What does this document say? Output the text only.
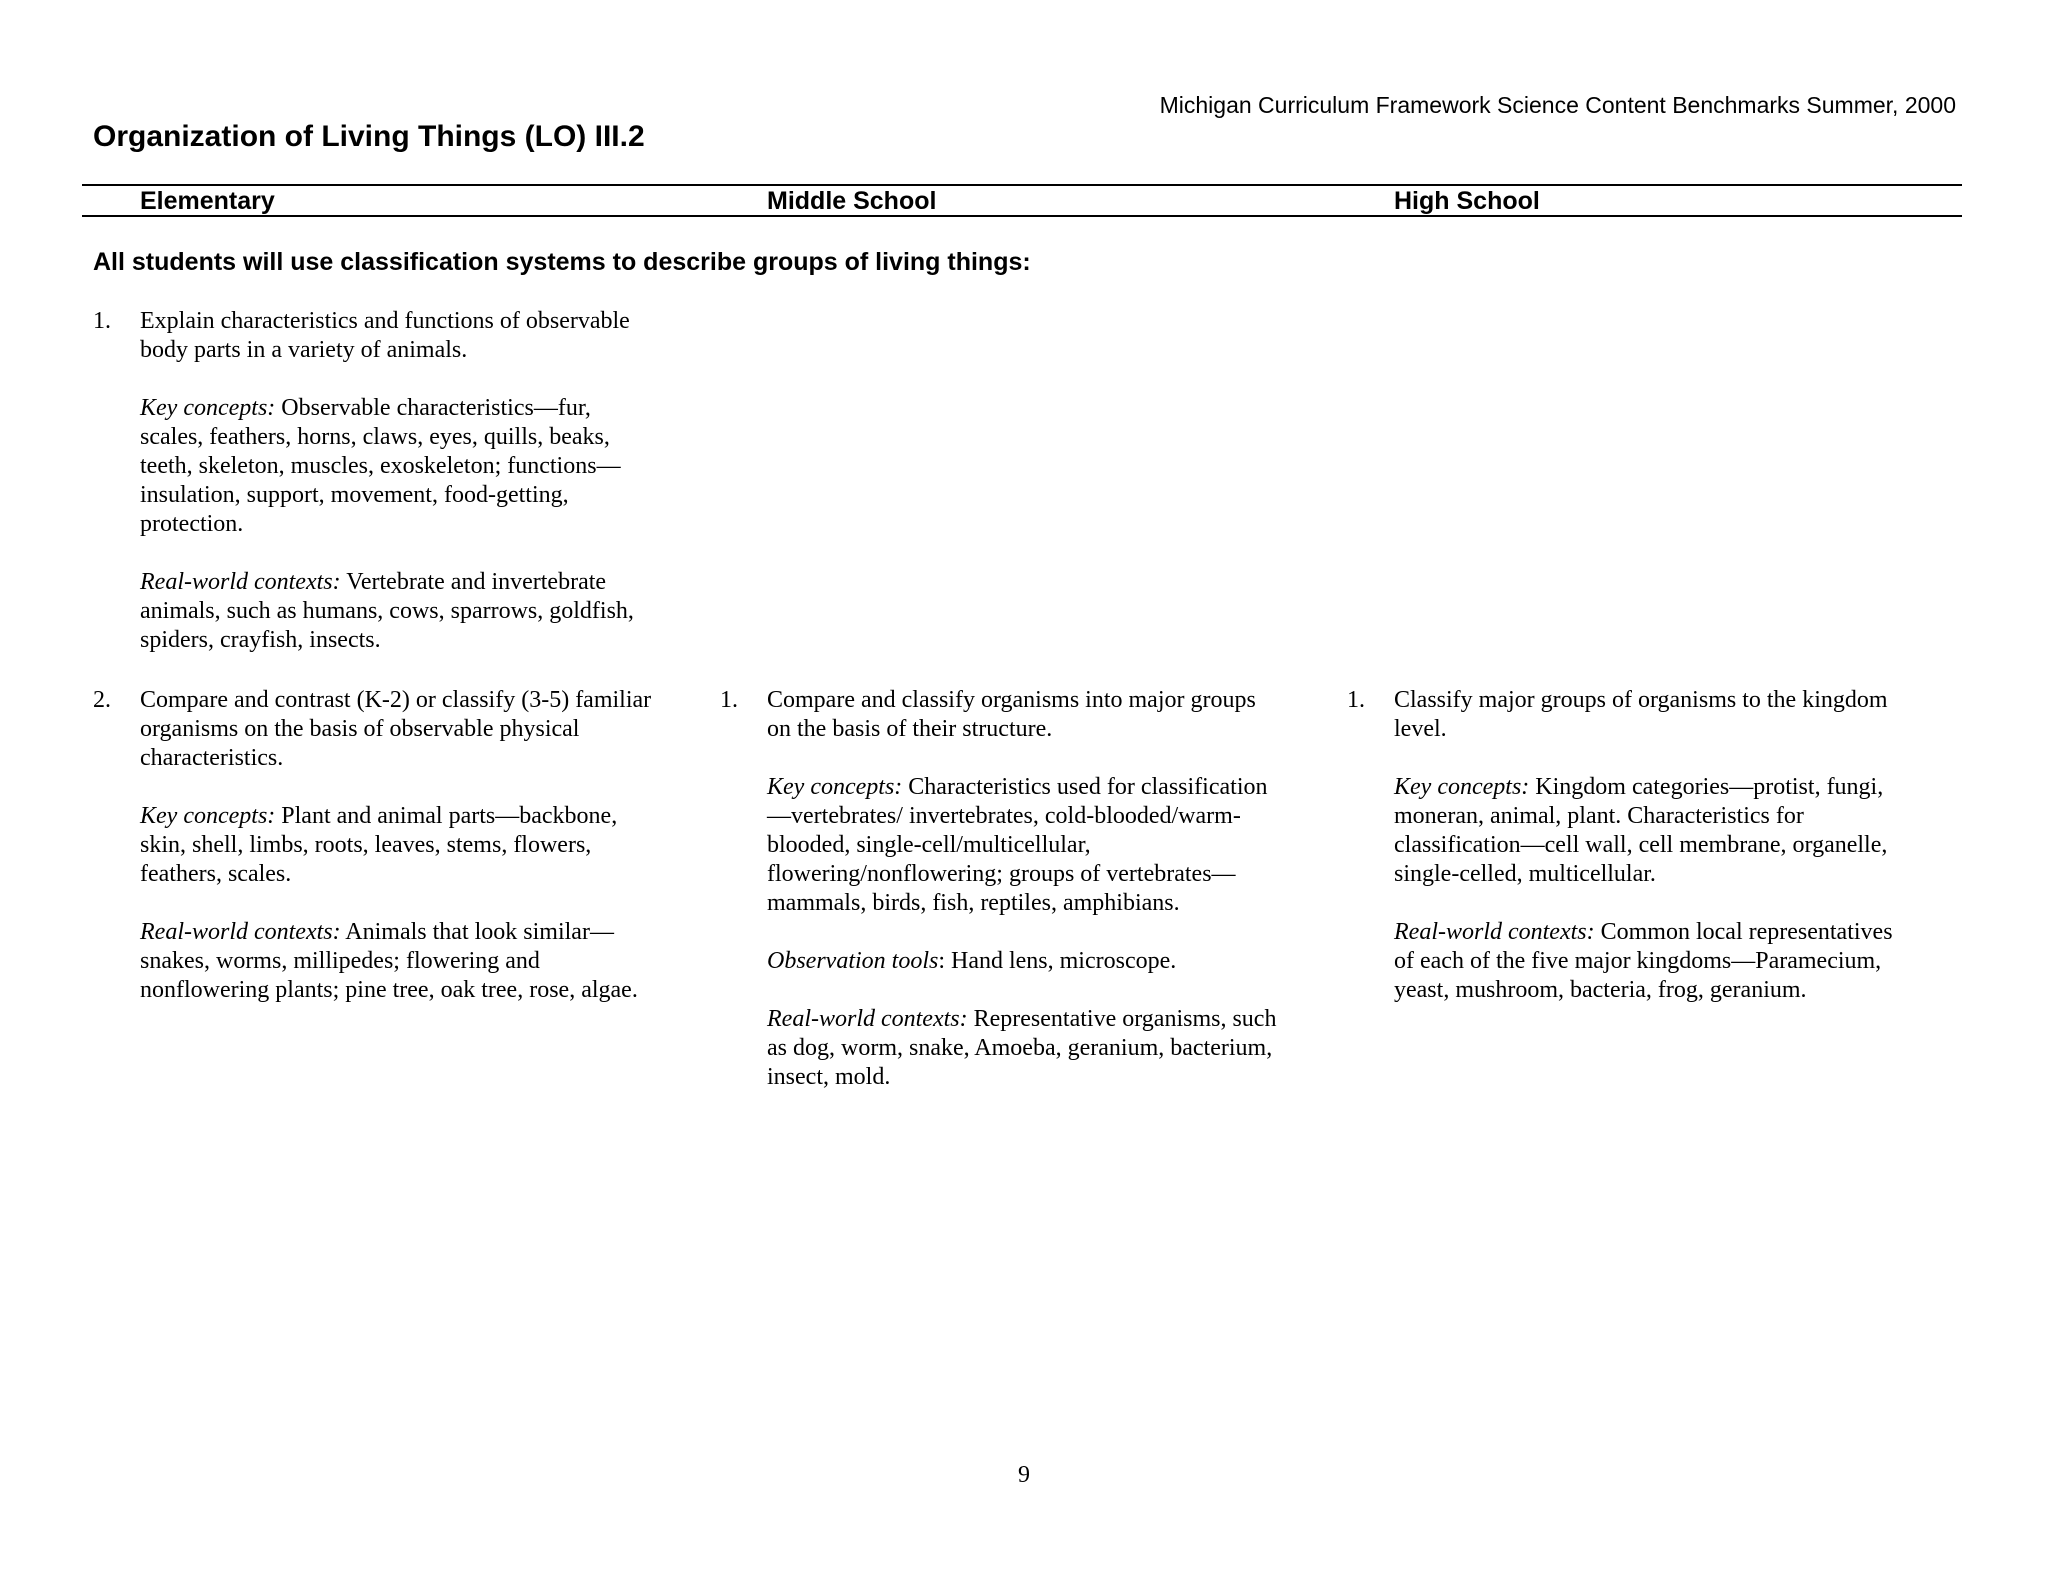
Michigan Curriculum Framework Science Content Benchmarks Summer, 2000
Organization of Living Things (LO) III.2
Elementary	Middle School	High School
All students will use classification systems to describe groups of living things:
1. Explain characteristics and functions of observable body parts in a variety of animals.

Key concepts: Observable characteristics—fur, scales, feathers, horns, claws, eyes, quills, beaks, teeth, skeleton, muscles, exoskeleton; functions—insulation, support, movement, food-getting, protection.

Real-world contexts: Vertebrate and invertebrate animals, such as humans, cows, sparrows, goldfish, spiders, crayfish, insects.

2. Compare and contrast (K-2) or classify (3-5) familiar organisms on the basis of observable physical characteristics.

Key concepts: Plant and animal parts—backbone, skin, shell, limbs, roots, leaves, stems, flowers, feathers, scales.

Real-world contexts: Animals that look similar—snakes, worms, millipedes; flowering and nonflowering plants; pine tree, oak tree, rose, algae.

1. Compare and classify organisms into major groups on the basis of their structure.

Key concepts: Characteristics used for classification—vertebrates/ invertebrates, cold-blooded/warm-blooded, single-cell/multicellular, flowering/nonflowering; groups of vertebrates—mammals, birds, fish, reptiles, amphibians.

Observation tools: Hand lens, microscope.

Real-world contexts: Representative organisms, such as dog, worm, snake, Amoeba, geranium, bacterium, insect, mold.

1. Classify major groups of organisms to the kingdom level.

Key concepts: Kingdom categories—protist, fungi, moneran, animal, plant. Characteristics for classification—cell wall, cell membrane, organelle, single-celled, multicellular.

Real-world contexts: Common local representatives of each of the five major kingdoms—Paramecium, yeast, mushroom, bacteria, frog, geranium.

9
